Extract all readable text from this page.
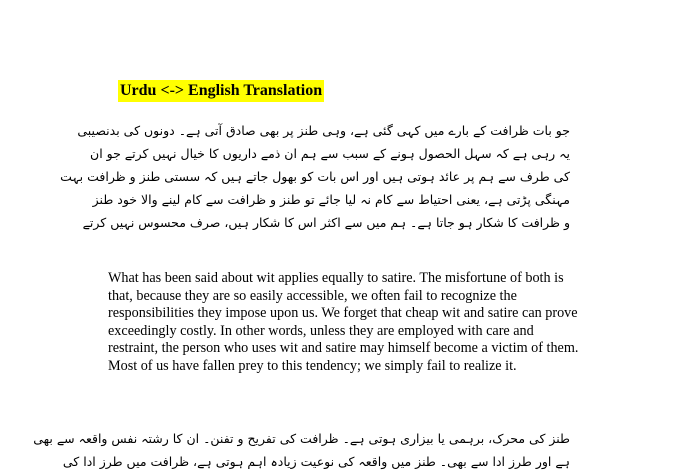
Urdu <-> English Translation
جو بات ظرافت کے بارے میں کہی گئی ہے، وہی طنز پر بھی صادق آتی ہے۔ دونوں کی بدنصیبی
یہ رہی ہے کہ سہل الحصول ہونے کے سبب سے ہم ان ذمے داریوں کا خیال نہیں کرتے جو ان
کی طرف سے ہم پر عائد ہوتی ہیں اور اس بات کو بھول جاتے ہیں کہ سستی طنز و ظرافت بہت
مہنگی پڑتی ہے، یعنی احتیاط سے کام نہ لیا جائے تو طنز و ظرافت سے کام لینے والا خود طنز
و ظرافت کا شکار ہو جاتا ہے۔ ہم میں سے اکثر اس کا شکار ہیں، صرف محسوس نہیں کرتے
What has been said about wit applies equally to satire. The misfortune of both is
that, because they are so easily accessible, we often fail to recognize the
responsibilities they impose upon us. We forget that cheap wit and satire can prove
exceedingly costly. In other words, unless they are employed with care and
restraint, the person who uses wit and satire may himself become a victim of them.
Most of us have fallen prey to this tendency; we simply fail to realize it.
طنز کی محرک، برہمی یا بیزاری ہوتی ہے۔ ظرافت کی تفریح و تفنن۔ ان کا رشتہ نفس واقعہ سے بھی
ہے اور طرز ادا سے بھی۔ طنز میں واقعہ کی نوعیت زیادہ اہم ہوتی ہے، ظرافت میں طرز ادا کی
